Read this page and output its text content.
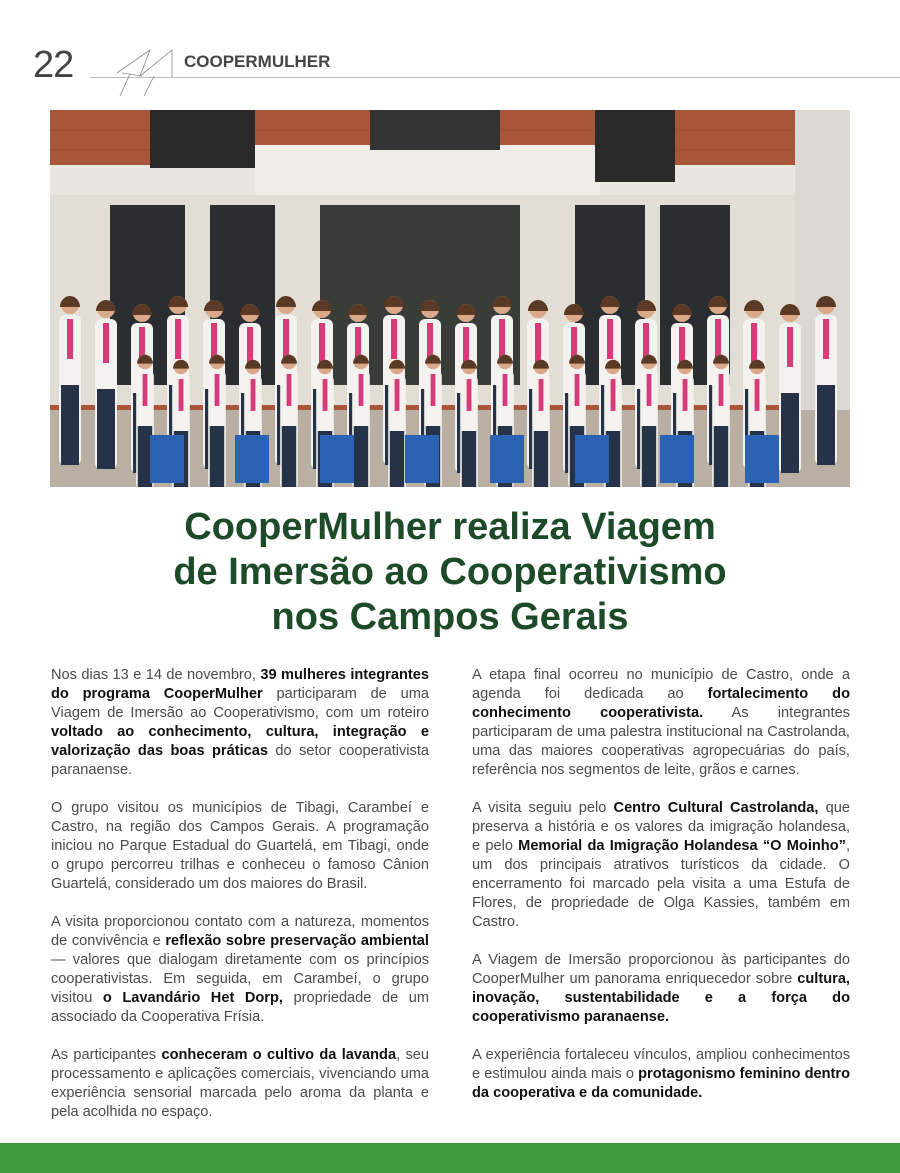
22	COOPERMULHER
CooperMulher realiza Viagem
de Imersão ao Cooperativismo
nos Campos Gerais

Nos dias 13 e 14 de novembro, 39 mulheres integrantes do programa CooperMulher participaram de uma Viagem de Imersão ao Cooperativismo, com um roteiro voltado ao conhecimento, cultura, integração e valorização das boas práticas do setor cooperativista paranaense.

O grupo visitou os municípios de Tibagi, Carambeí e Castro, na região dos Campos Gerais. A programação iniciou no Parque Estadual do Guartelá, em Tibagi, onde o grupo percorreu trilhas e conheceu o famoso Cânion Guartelá, considerado um dos maiores do Brasil.

A visita proporcionou contato com a natureza, momentos de convivência e reflexão sobre preservação ambiental — valores que dialogam diretamente com os princípios cooperativistas. Em seguida, em Carambeí, o grupo visitou o Lavandário Het Dorp, propriedade de um associado da Cooperativa Frísia.

As participantes conheceram o cultivo da lavanda, seu processamento e aplicações comerciais, vivenciando uma experiência sensorial marcada pelo aroma da planta e pela acolhida no espaço.

A etapa final ocorreu no município de Castro, onde a agenda foi dedicada ao fortalecimento do conhecimento cooperativista. As integrantes participaram de uma palestra institucional na Castrolanda, uma das maiores cooperativas agropecuárias do país, referência nos segmentos de leite, grãos e carnes.

A visita seguiu pelo Centro Cultural Castrolanda, que preserva a história e os valores da imigração holandesa, e pelo Memorial da Imigração Holandesa “O Moinho”, um dos principais atrativos turísticos da cidade. O encerramento foi marcado pela visita a uma Estufa de Flores, de propriedade de Olga Kassies, também em Castro.

A Viagem de Imersão proporcionou às participantes do CooperMulher um panorama enriquecedor sobre cultura, inovação, sustentabilidade e a força do cooperativismo paranaense.

A experiência fortaleceu vínculos, ampliou conhecimentos e estimulou ainda mais o protagonismo feminino dentro da cooperativa e da comunidade.
